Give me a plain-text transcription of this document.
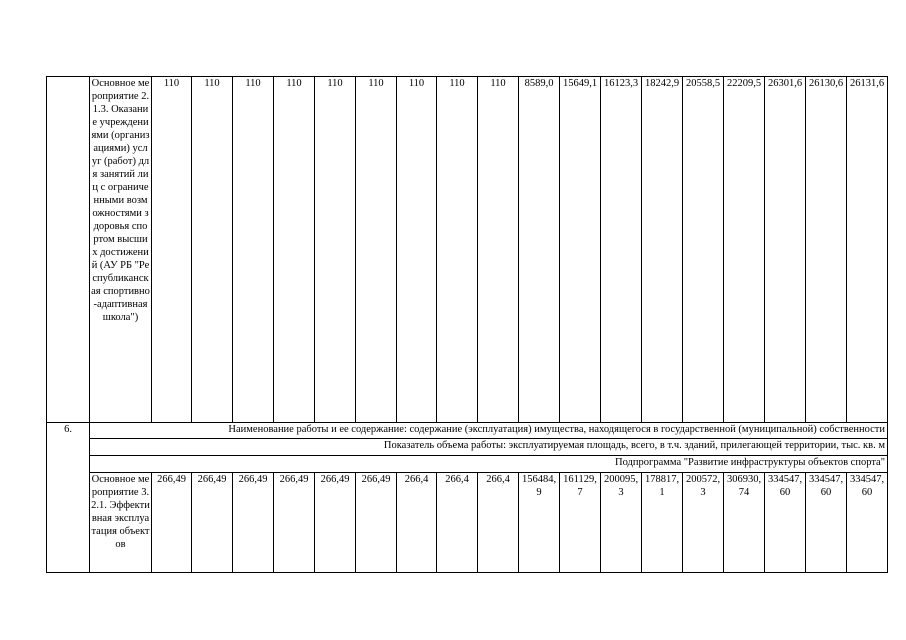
	Основное мероприятие 2.1.3. Оказание учреждениями (организациями) услуг (работ) для занятий лиц с ограниченными возможностями здоровья спортом высших достижений (АУ РБ "Республиканская спортивно-адаптивная школа")	110	110	110	110	110	110	110	110	110	8589,0	15649,1	16123,3	18242,9	20558,5	22209,5	26301,6	26130,6	26131,6
6.	Наименование работы и ее содержание: содержание (эксплуатация) имущества, находящегося в государственной (муниципальной) собственности																		
	Показатель объема работы: эксплуатируемая площадь, всего, в т.ч. зданий, прилегающей территории, тыс. кв. м																		
	Подпрограмма "Развитие инфраструктуры объектов спорта"																		
	Основное мероприятие 3.2.1. Эффективная эксплуатация объектов	266,49	266,49	266,49	266,49	266,49	266,49	266,4	266,4	266,4	156484,9	161129,7	200095,3	178817,1	200572,3	306930,74	334547,60	334547,60	334547,60
